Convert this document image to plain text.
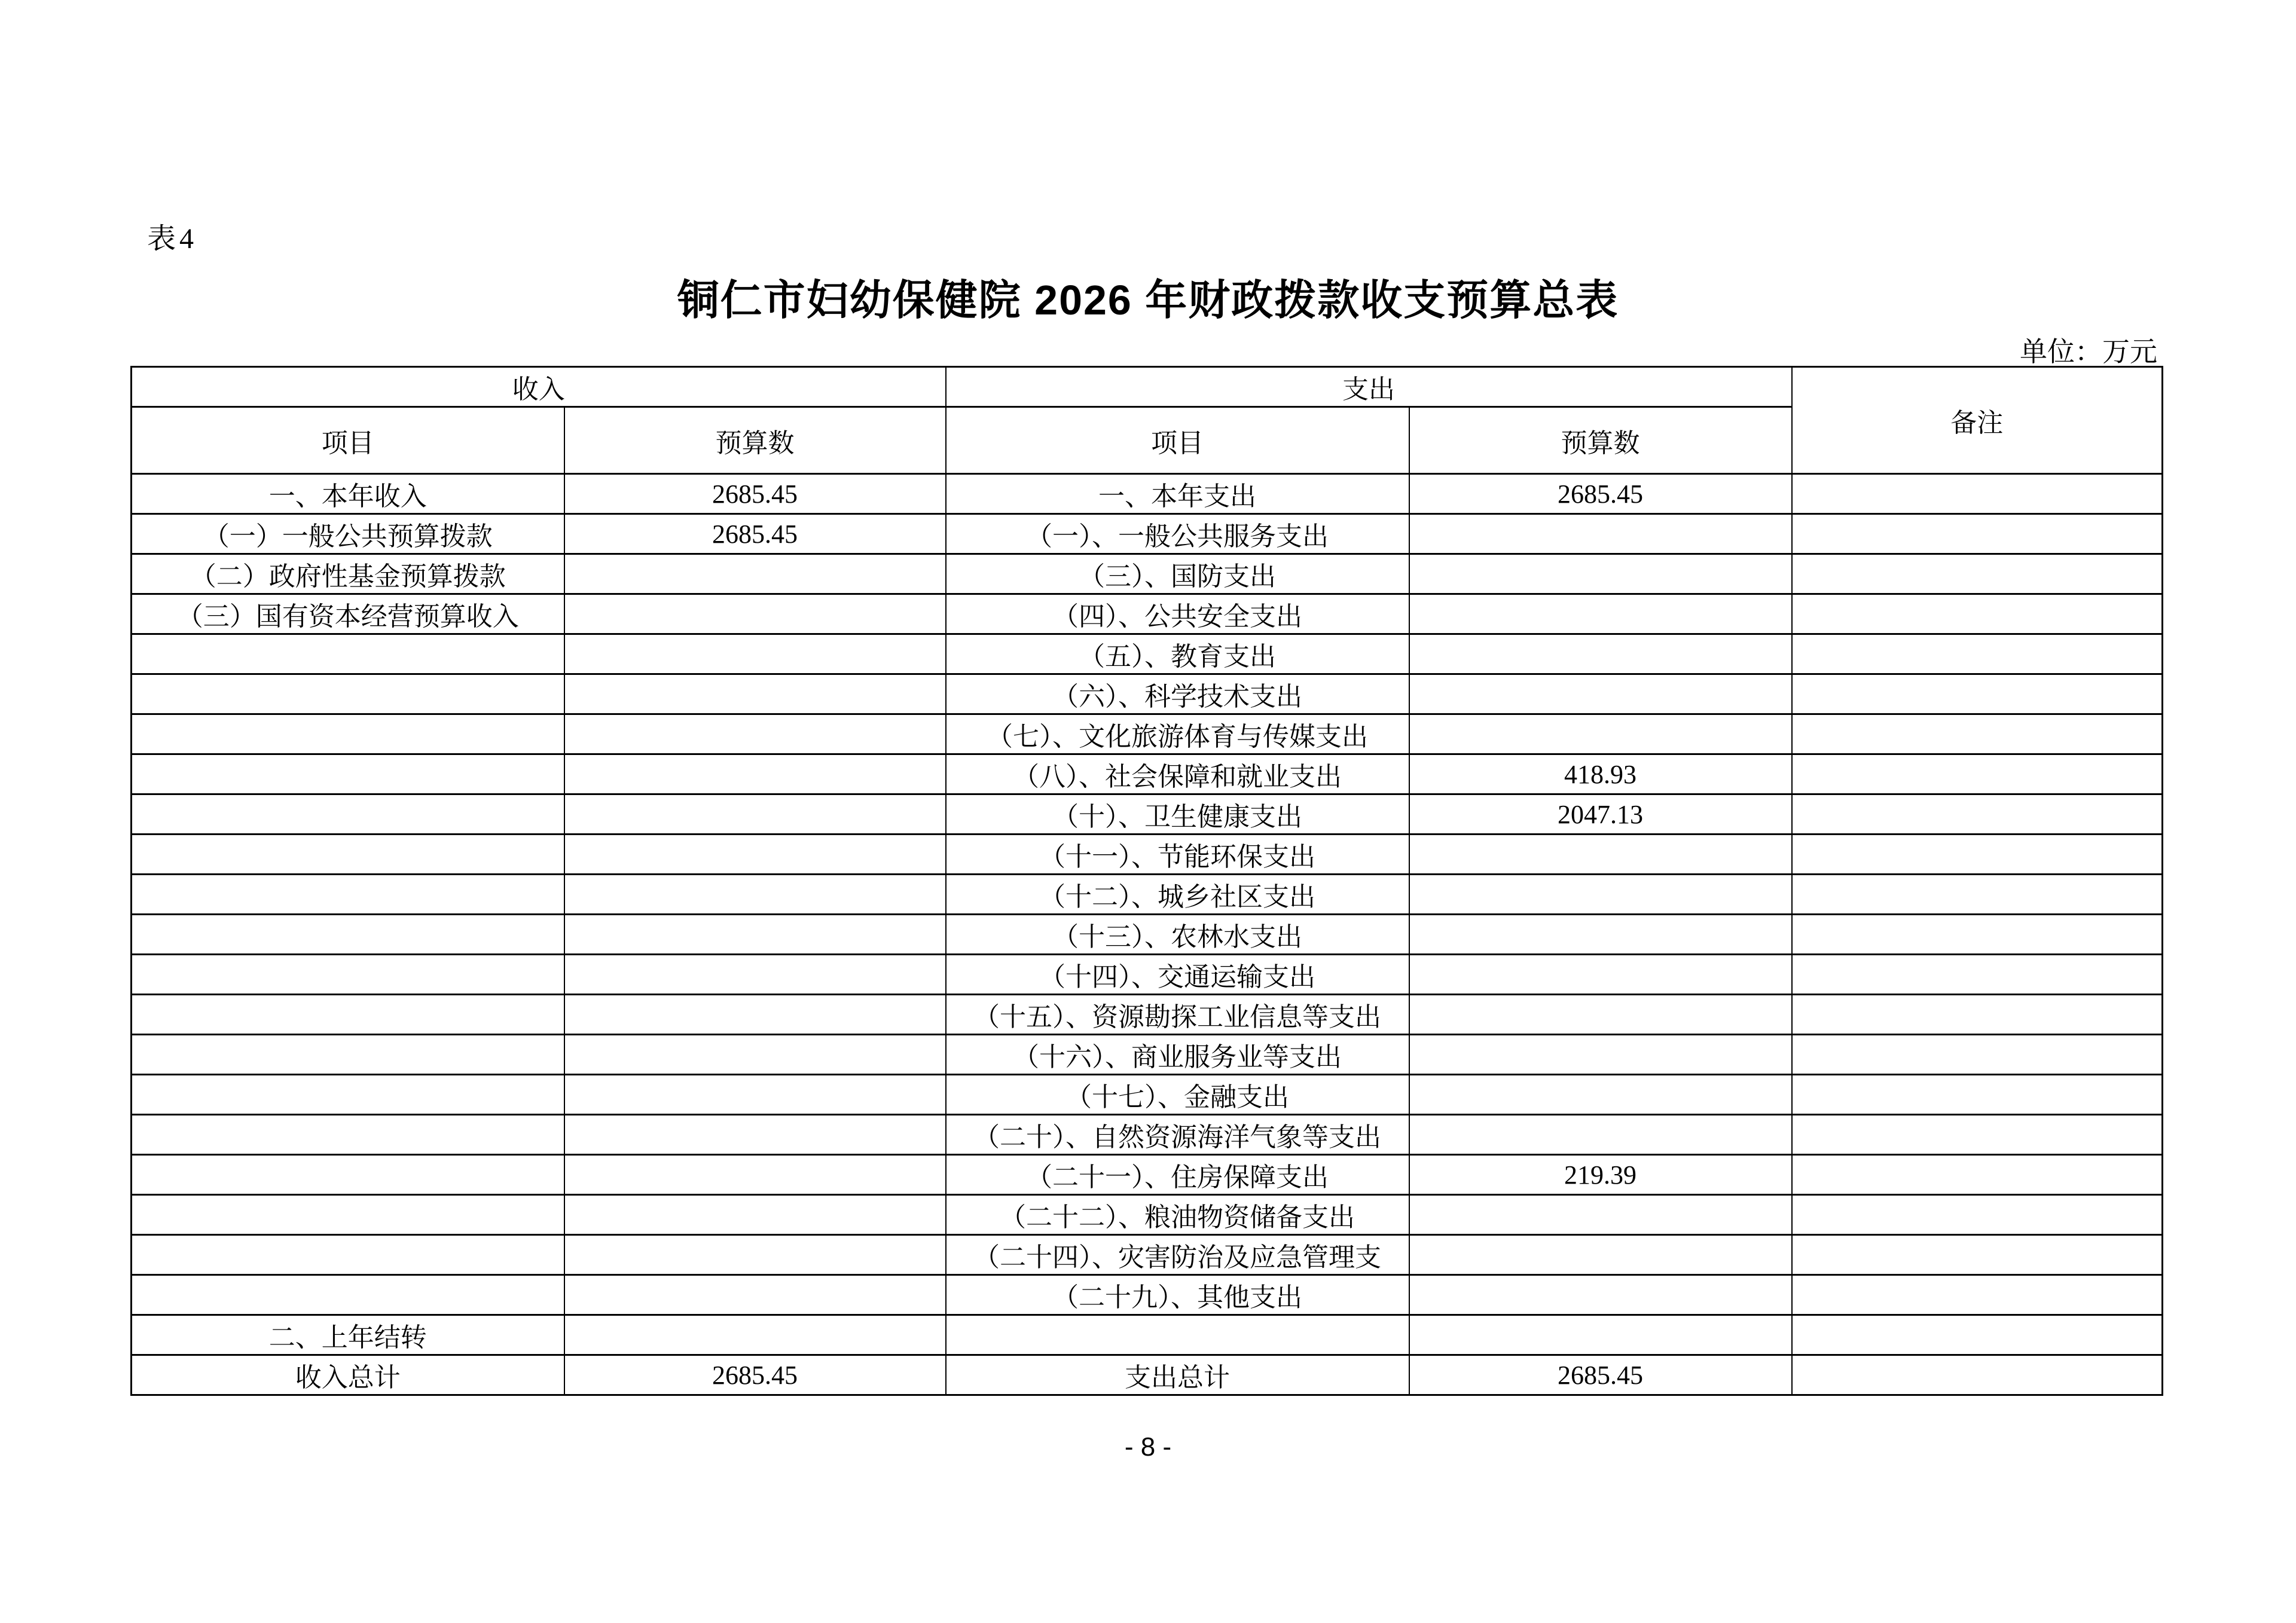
表4
铜仁市妇幼保健院 2026 年财政拨款收支预算总表
单位：万元
收入		支出		备注
项目	预算数	项目	预算数	
一、本年收入	2685.45	一、本年支出	2685.45	
（一）一般公共预算拨款	2685.45	（一）、一般公共服务支出		
（二）政府性基金预算拨款		（三）、国防支出		
（三）国有资本经营预算收入		（四）、公共安全支出		
		（五）、教育支出		
		（六）、科学技术支出		
		（七）、文化旅游体育与传媒支出		
		（八）、社会保障和就业支出	418.93	
		（十）、卫生健康支出	2047.13	
		（十一）、节能环保支出		
		（十二）、城乡社区支出		
		（十三）、农林水支出		
		（十四）、交通运输支出		
		（十五）、资源勘探工业信息等支出		
		（十六）、商业服务业等支出		
		（十七）、金融支出		
		（二十）、自然资源海洋气象等支出		
		（二十一）、住房保障支出	219.39	
		（二十二）、粮油物资储备支出		
		（二十四）、灾害防治及应急管理支		
		（二十九）、其他支出		
二、上年结转				
收入总计	2685.45	支出总计	2685.45	
- 8 -
